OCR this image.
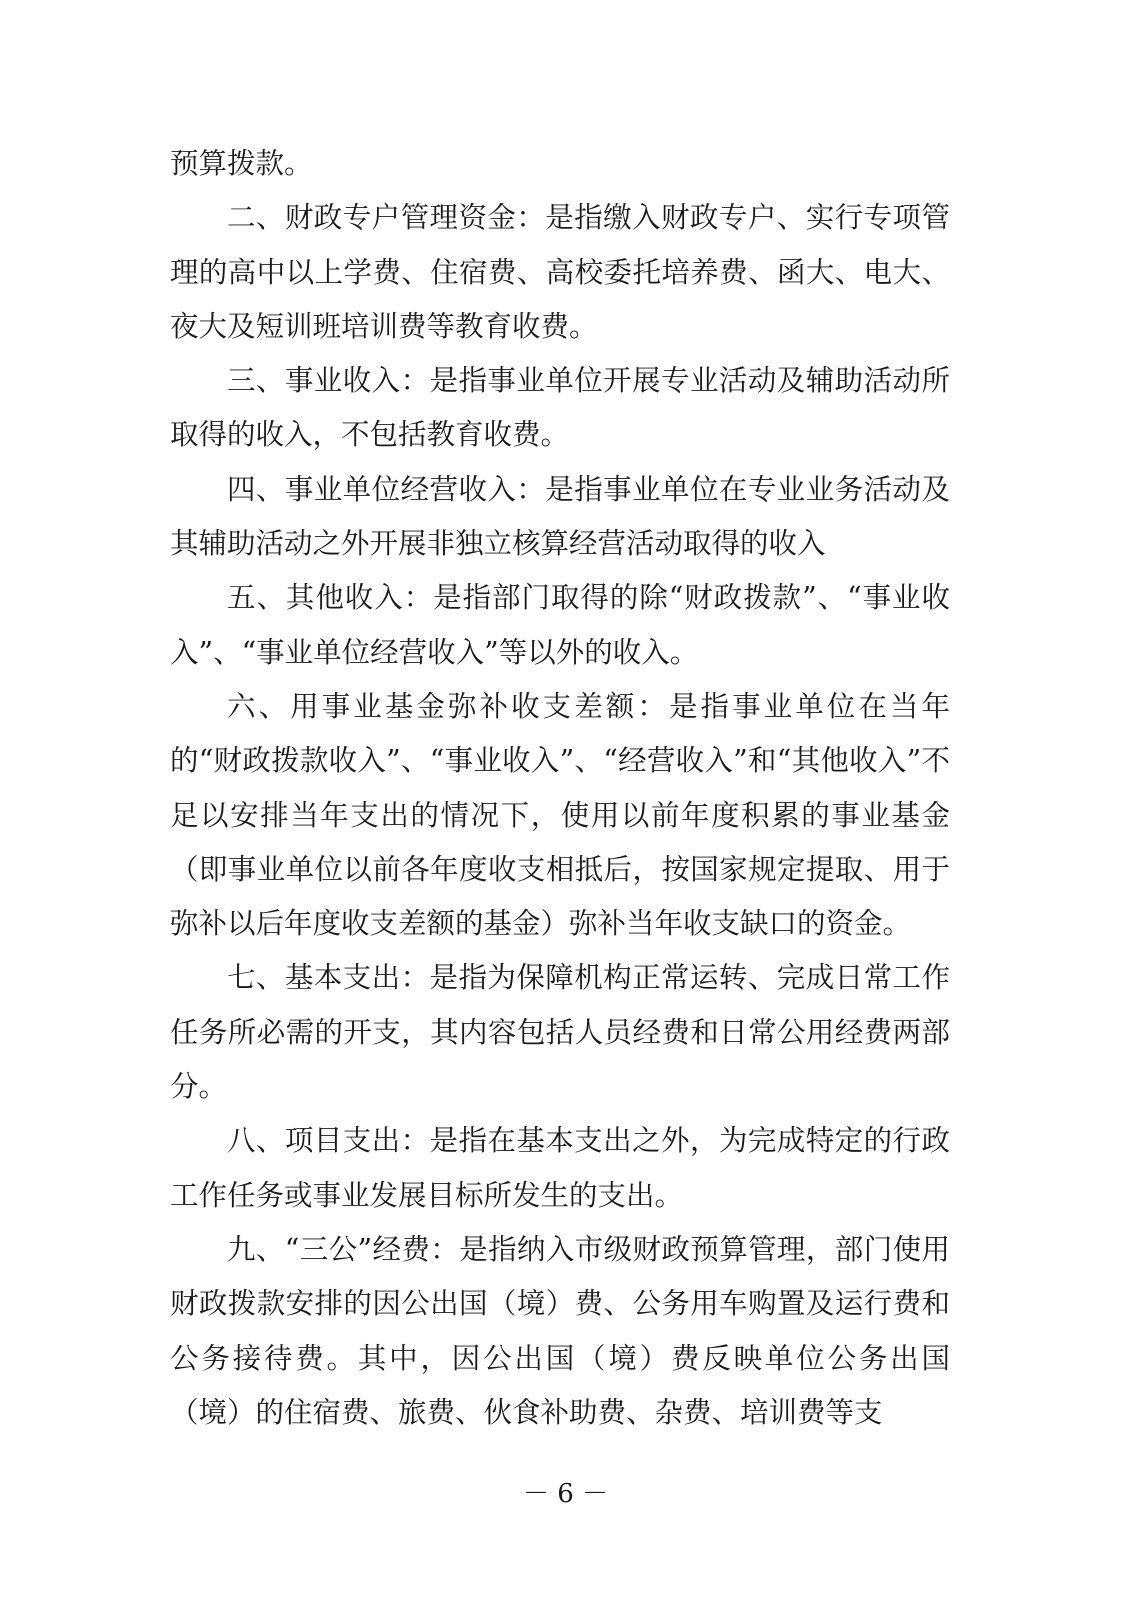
预算拨款。

二、财政专户管理资金：是指缴入财政专户、实行专项管理的高中以上学费、住宿费、高校委托培养费、函大、电大、夜大及短训班培训费等教育收费。

三、事业收入：是指事业单位开展专业活动及辅助活动所取得的收入，不包括教育收费。

四、事业单位经营收入：是指事业单位在专业业务活动及其辅助活动之外开展非独立核算经营活动取得的收入

五、其他收入：是指部门取得的除“财政拨款”、“事业收入”、“事业单位经营收入”等以外的收入。

六、用事业基金弥补收支差额：是指事业单位在当年的“财政拨款收入”、“事业收入”、“经营收入”和“其他收入”不足以安排当年支出的情况下，使用以前年度积累的事业基金（即事业单位以前各年度收支相抵后，按国家规定提取、用于弥补以后年度收支差额的基金）弥补当年收支缺口的资金。

七、基本支出：是指为保障机构正常运转、完成日常工作任务所必需的开支，其内容包括人员经费和日常公用经费两部分。

八、项目支出：是指在基本支出之外，为完成特定的行政工作任务或事业发展目标所发生的支出。

九、“三公”经费：是指纳入市级财政预算管理，部门使用财政拨款安排的因公出国（境）费、公务用车购置及运行费和公务接待费。其中，因公出国（境）费反映单位公务出国（境）的住宿费、旅费、伙食补助费、杂费、培训费等支

－ 6 －
